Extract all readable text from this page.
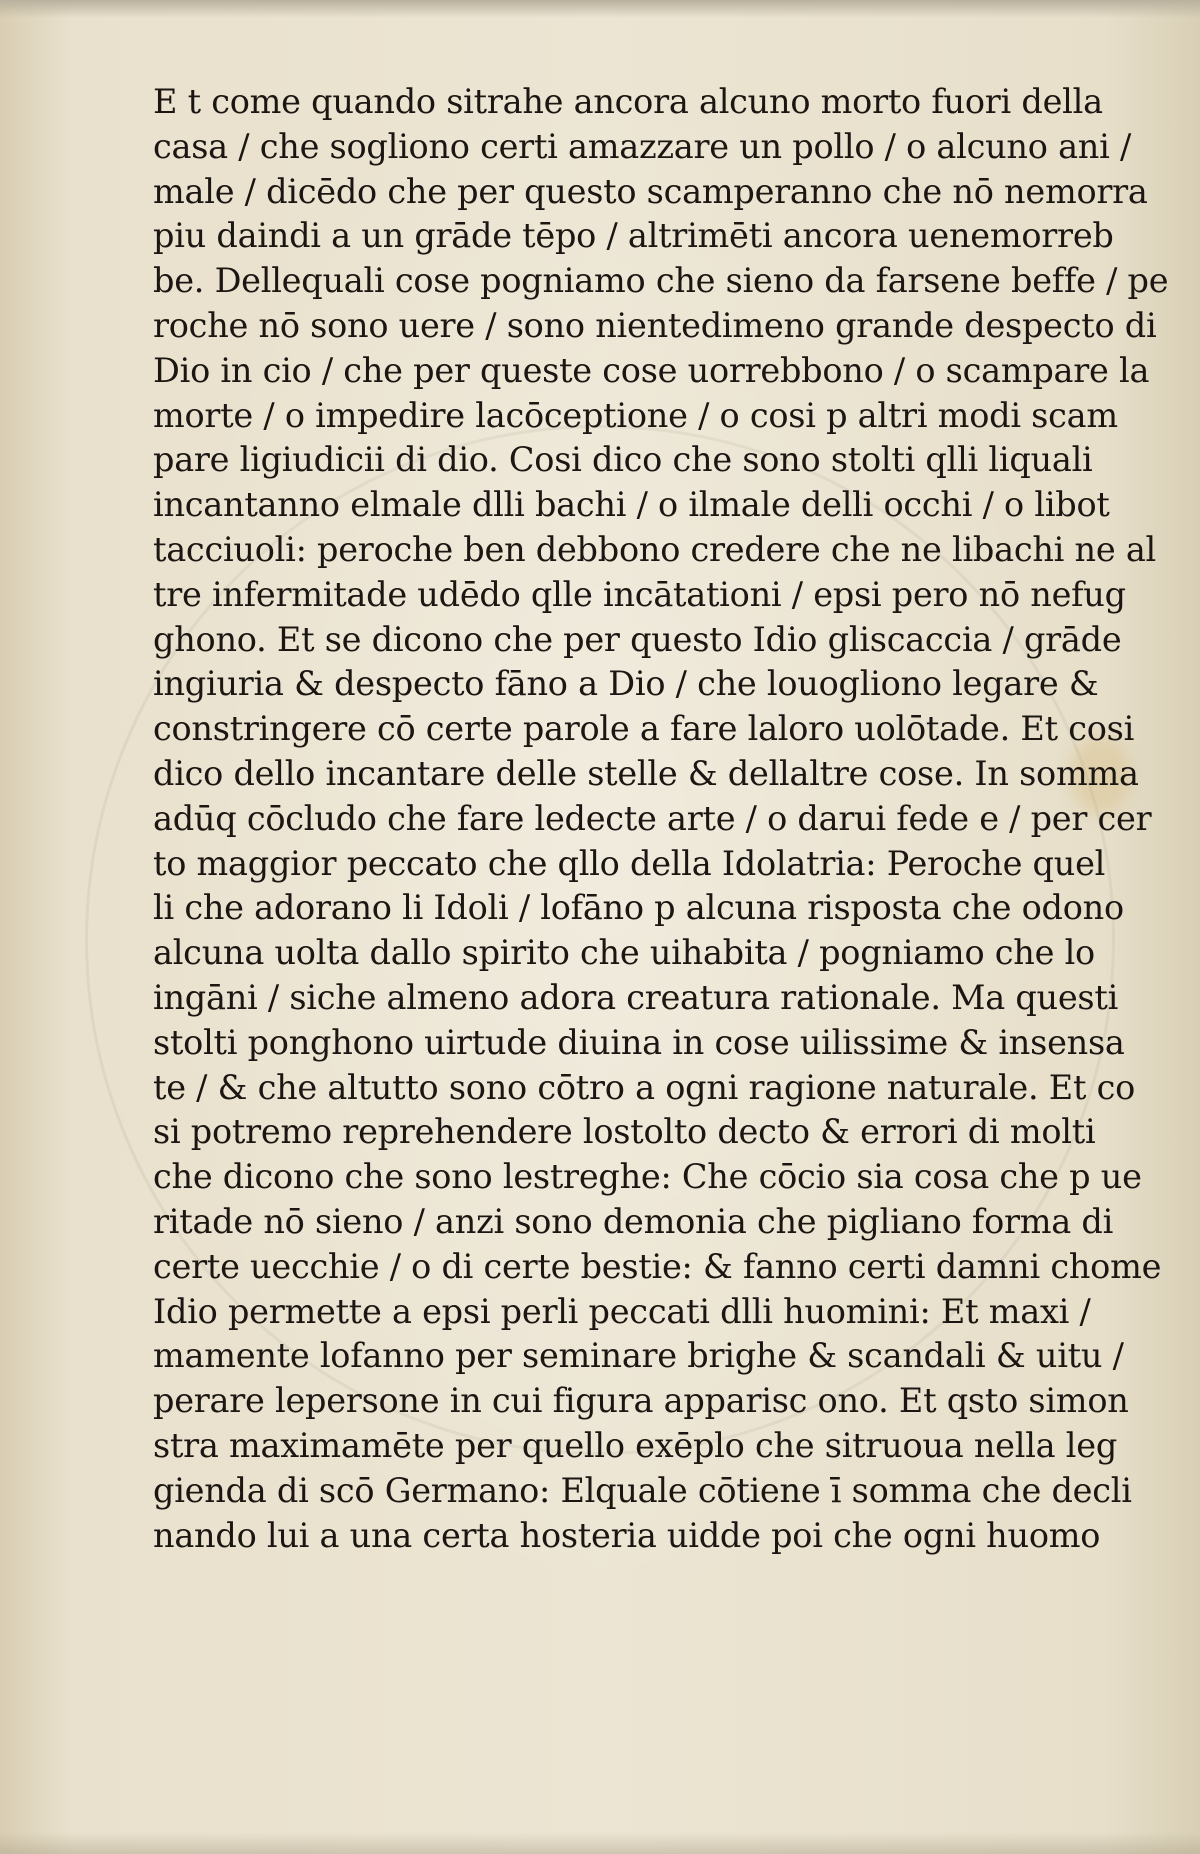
E t come quando sitrahe ancora alcuno morto fuori della
casa / che sogliono certi amazzare un pollo / o alcuno ani /
male / dicēdo che per questo scamperanno che nō nemorra
piu daindi a un grāde tēpo / altrimēti ancora uenemorreb
be. Dellequali cose pogniamo che sieno da farsene beffe / pe
roche nō sono uere / sono nientedimeno grande despecto di
Dio in cio / che per queste cose uorrebbono / o scampare la
morte / o impedire lacōceptione / o cosi p altri modi scam
pare ligiudicii di dio. Cosi dico che sono stolti qlli liquali
incantanno elmale dlli bachi / o ilmale delli occhi / o libot
tacciuoli: peroche ben debbono credere che ne libachi ne al
tre infermitade udēdo qlle incātationi / epsi pero nō nefug
ghono. Et se dicono che per questo Idio gliscaccia / grāde
ingiuria & despecto fāno a Dio / che louogliono legare &
constringere cō certe parole a fare laloro uolōtade. Et cosi
dico dello incantare delle stelle & dellaltre cose. In somma
adūq cōcludo che fare ledecte arte / o darui fede e / per cer
to maggior peccato che qllo della Idolatria: Peroche quel
li che adorano li Idoli / lofāno p alcuna risposta che odono
alcuna uolta dallo spirito che uihabita / pogniamo che lo
ingāni / siche almeno adora creatura rationale. Ma questi
stolti ponghono uirtude diuina in cose uilissime & insensa
te / & che altutto sono cōtro a ogni ragione naturale. Et co
si potremo reprehendere lostolto decto & errori di molti
che dicono che sono lestreghe: Che cōcio sia cosa che p ue
ritade nō sieno / anzi sono demonia che pigliano forma di
certe uecchie / o di certe bestie: & fanno certi damni chome
Idio permette a epsi perli peccati dlli huomini: Et maxi /
mamente lofanno per seminare brighe & scandali & uitu /
perare lepersone in cui figura apparisc ono. Et qsto simon
stra maximamēte per quello exēplo che sitruoua nella leg
gienda di scō Germano: Elquale cōtiene ī somma che decli
nando lui a una certa hosteria uidde poi che ogni huomo
